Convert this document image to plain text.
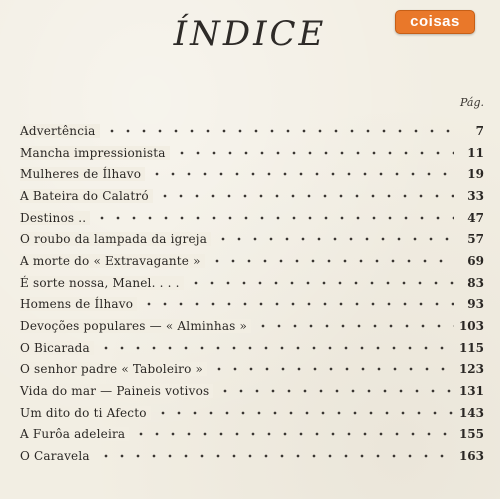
ÍNDICE	coisas
Pág.
Advertência	7
Mancha impressionista	11
Mulheres de Ílhavo	19
A Bateira do Calatró	33
Destinos ..	47
O roubo da lampada da igreja	57
A morte do « Extravagante »	69
É sorte nossa, Manel. . . .	83
Homens de Ílhavo	93
Devoções populares — « Alminhas »	103
O Bicarada	115
O senhor padre « Taboleiro »	123
Vida do mar — Paineis votivos	131
Um dito do ti Afecto	143
A Furôa adeleira	155
O Caravela	163
